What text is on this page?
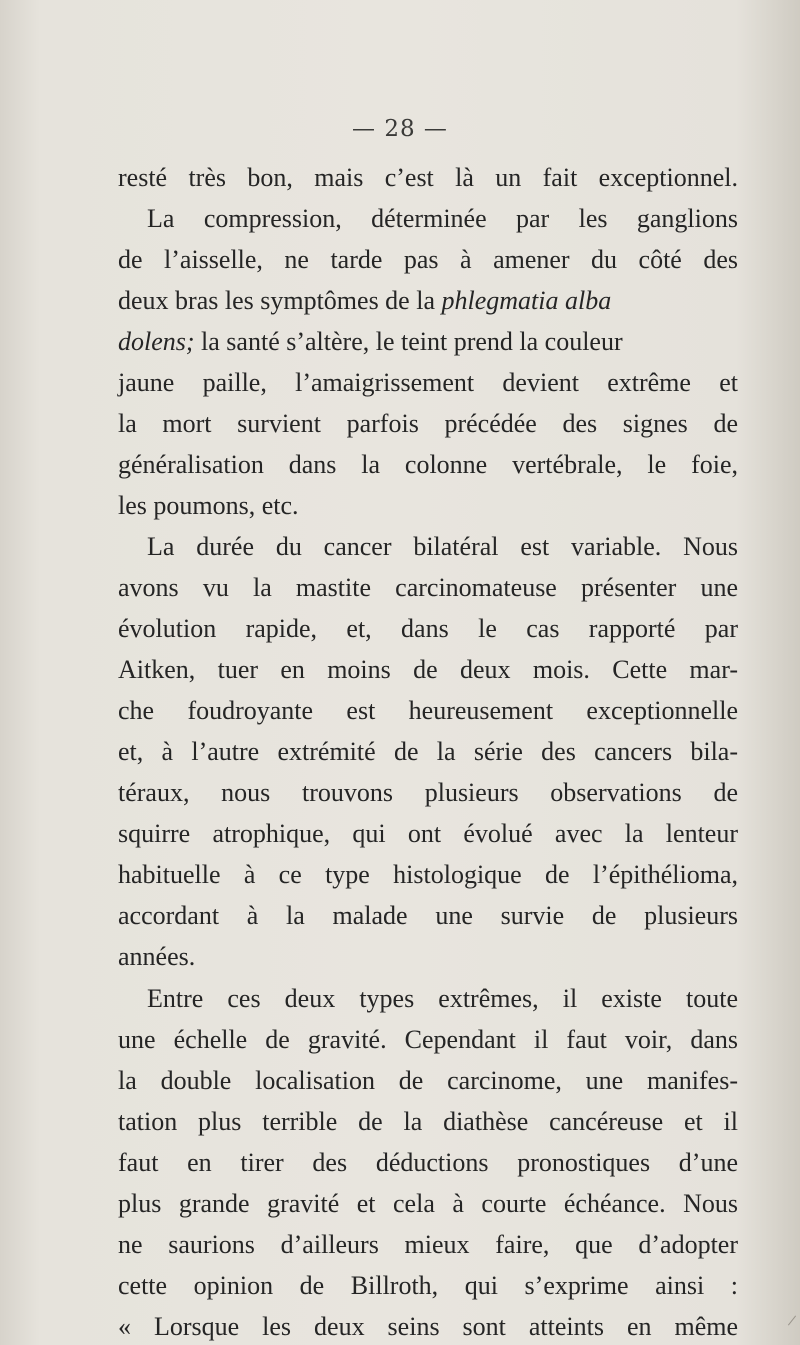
— 28 —
resté très bon, mais c’est là un fait exceptionnel.
La compression, déterminée par les ganglions
de l’aisselle, ne tarde pas à amener du côté des
deux bras les symptômes de la phlegmatia alba
dolens; la santé s’altère, le teint prend la couleur
jaune paille, l’amaigrissement devient extrême et
la mort survient parfois précédée des signes de
généralisation dans la colonne vertébrale, le foie,
les poumons, etc.
La durée du cancer bilatéral est variable. Nous
avons vu la mastite carcinomateuse présenter une
évolution rapide, et, dans le cas rapporté par
Aitken, tuer en moins de deux mois. Cette mar-
che foudroyante est heureusement exceptionnelle
et, à l’autre extrémité de la série des cancers bila-
téraux, nous trouvons plusieurs observations de
squirre atrophique, qui ont évolué avec la lenteur
habituelle à ce type histologique de l’épithélioma,
accordant à la malade une survie de plusieurs
années.
Entre ces deux types extrêmes, il existe toute
une échelle de gravité. Cependant il faut voir, dans
la double localisation de carcinome, une manifes-
tation plus terrible de la diathèse cancéreuse et il
faut en tirer des déductions pronostiques d’une
plus grande gravité et cela à courte échéance. Nous
ne saurions d’ailleurs mieux faire, que d’adopter
cette opinion de Billroth, qui s’exprime ainsi :
« Lorsque les deux seins sont atteints en même
